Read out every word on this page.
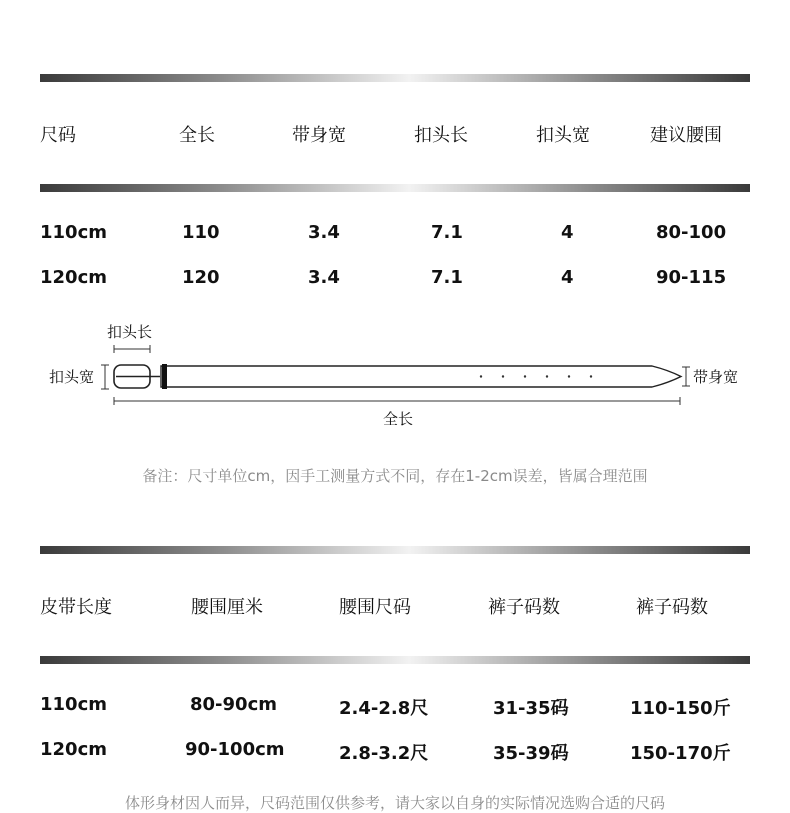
尺码	全长	带身宽	扣头长	扣头宽	建议腰围
110cm	110	3.4	7.1	4	80-100
120cm	120	3.4	7.1	4	90-115
扣头长
扣头宽	带身宽
全长
备注：尺寸单位cm，因手工测量方式不同，存在1-2cm误差，皆属合理范围
皮带长度	腰围厘米	腰围尺码	裤子码数	裤子码数
110cm	80-90cm	2.4-2.8尺	31-35码	110-150斤
120cm	90-100cm	2.8-3.2尺	35-39码	150-170斤
体形身材因人而异，尺码范围仅供参考，请大家以自身的实际情况选购合适的尺码
